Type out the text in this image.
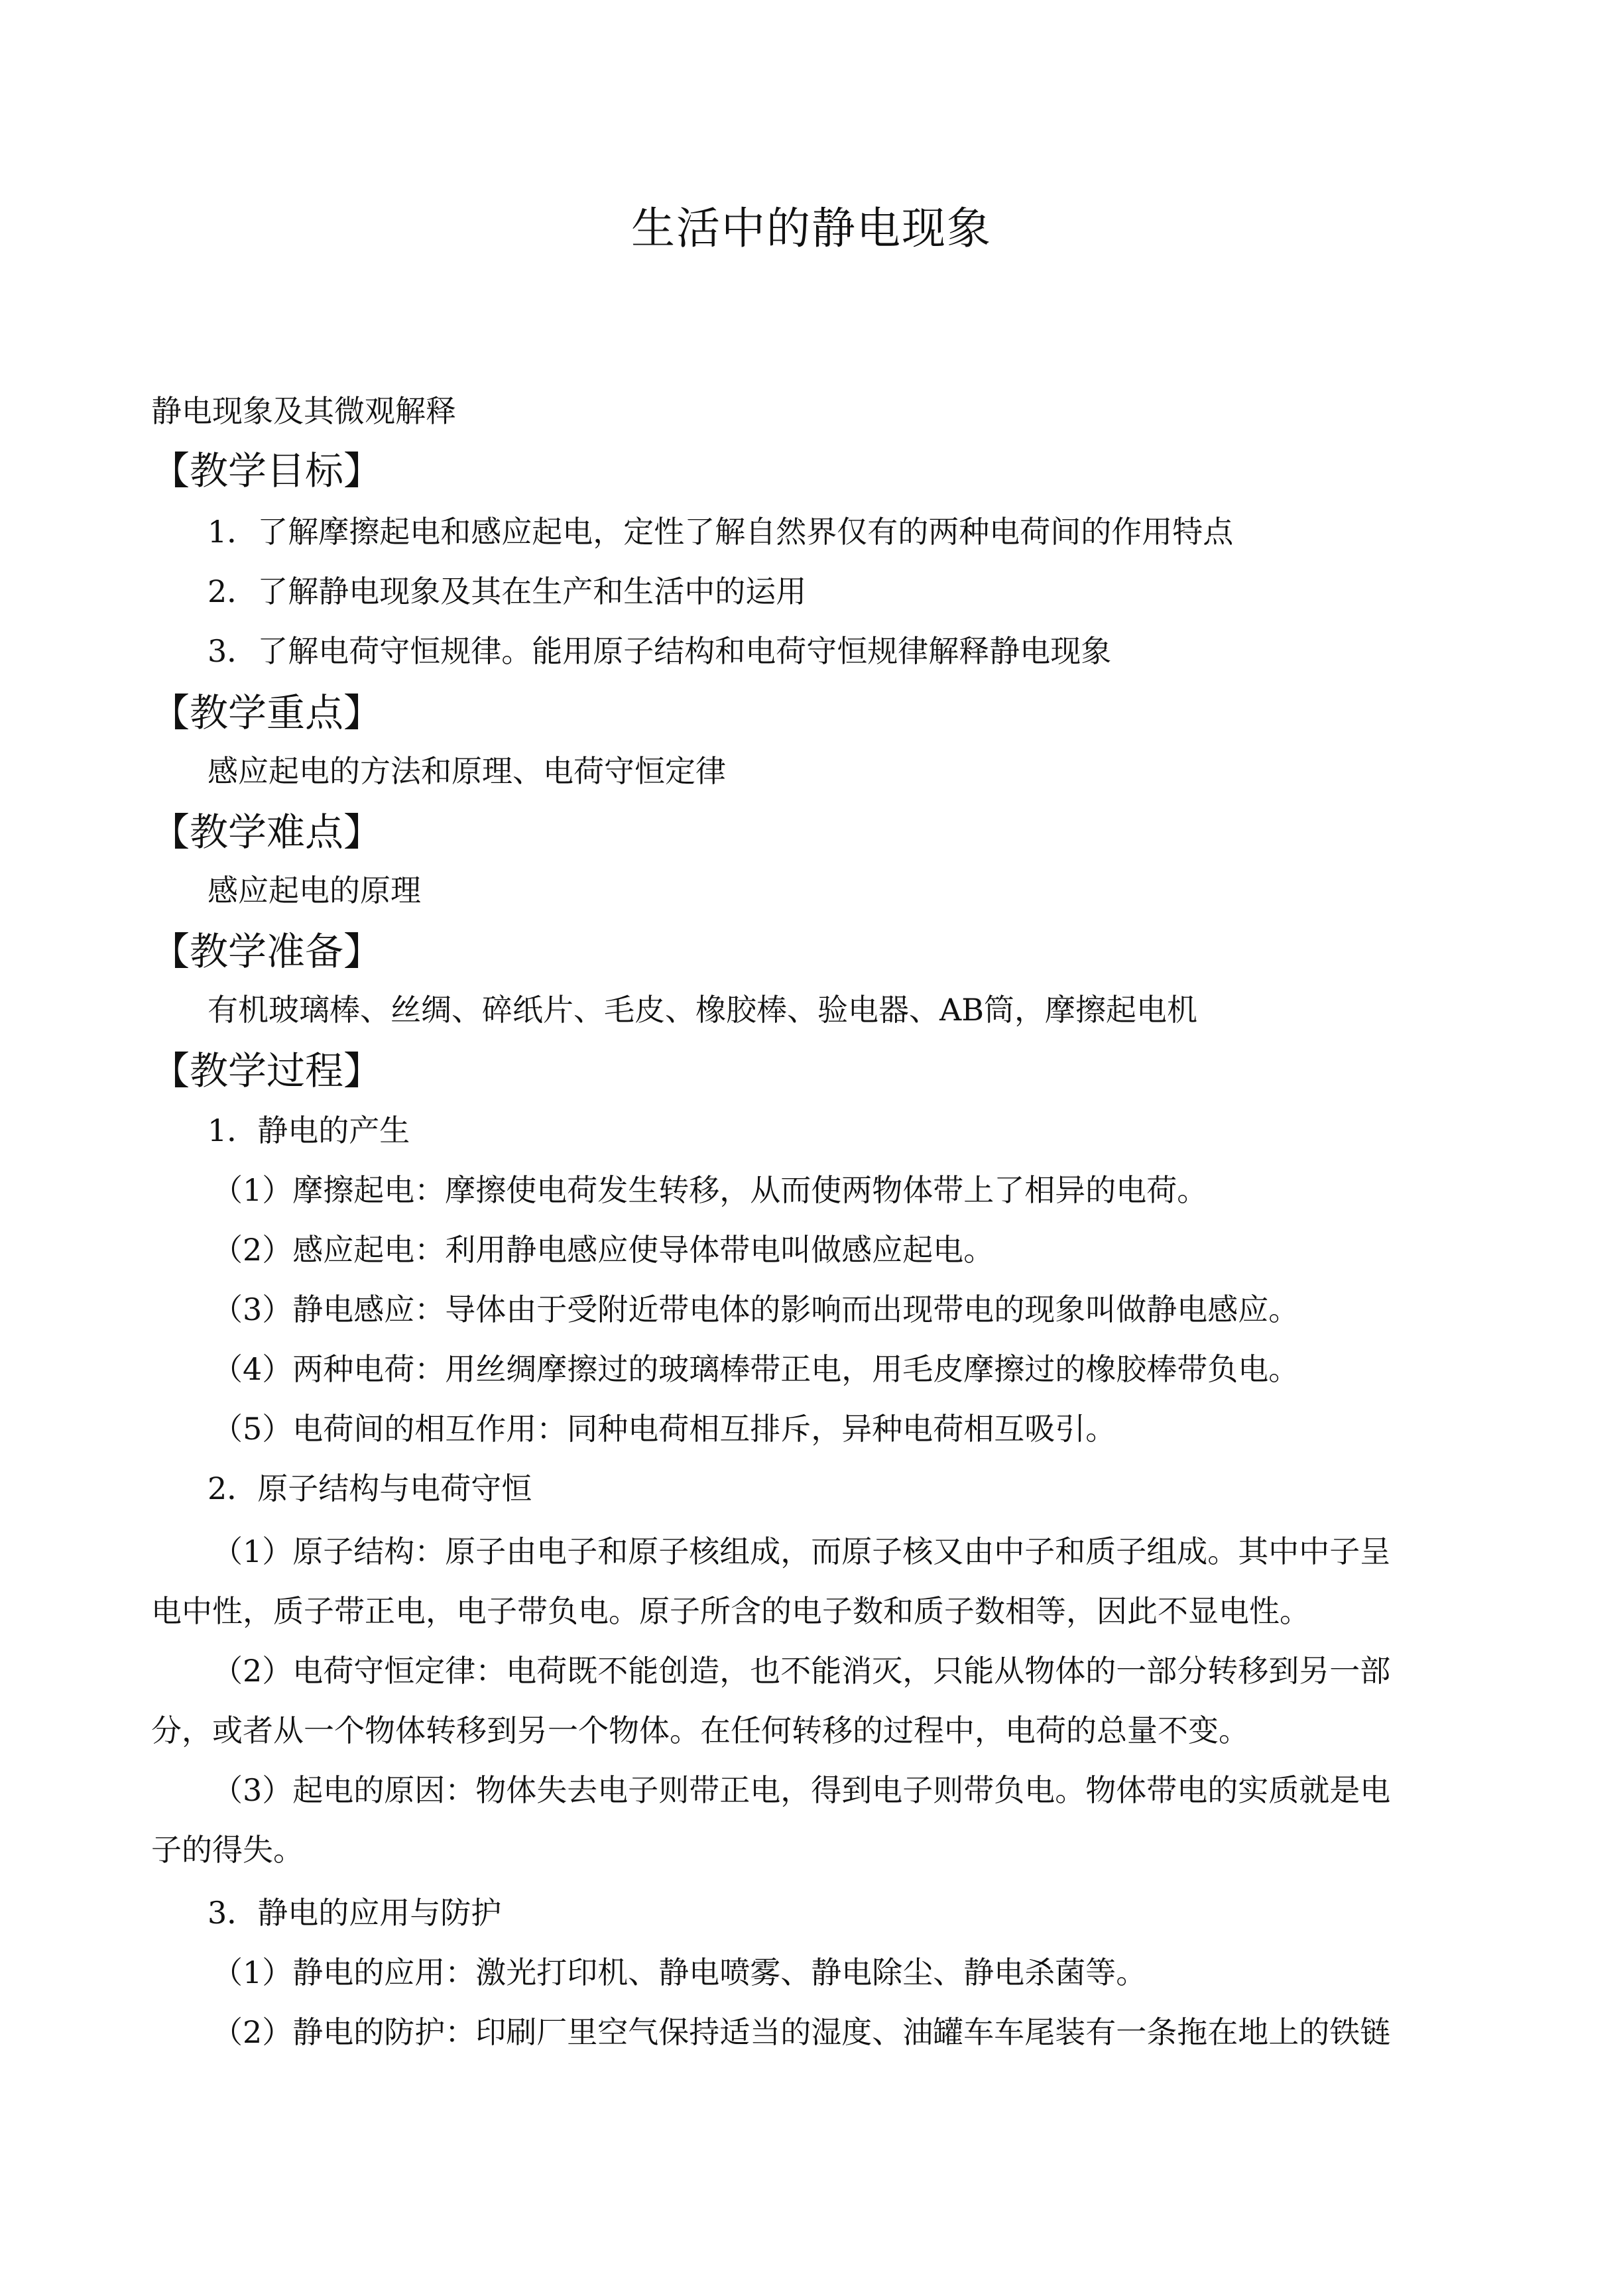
生活中的静电现象
静电现象及其微观解释
【教学目标】
1．了解摩擦起电和感应起电，定性了解自然界仅有的两种电荷间的作用特点
2．了解静电现象及其在生产和生活中的运用
3．了解电荷守恒规律。能用原子结构和电荷守恒规律解释静电现象
【教学重点】
感应起电的方法和原理、电荷守恒定律
【教学难点】
感应起电的原理
【教学准备】
有机玻璃棒、丝绸、碎纸片、毛皮、橡胶棒、验电器、AB筒，摩擦起电机
【教学过程】
1．静电的产生
（1）摩擦起电：摩擦使电荷发生转移，从而使两物体带上了相异的电荷。
（2）感应起电：利用静电感应使导体带电叫做感应起电。
（3）静电感应：导体由于受附近带电体的影响而出现带电的现象叫做静电感应。
（4）两种电荷：用丝绸摩擦过的玻璃棒带正电，用毛皮摩擦过的橡胶棒带负电。
（5）电荷间的相互作用：同种电荷相互排斥，异种电荷相互吸引。
2．原子结构与电荷守恒
（1）原子结构：原子由电子和原子核组成，而原子核又由中子和质子组成。其中中子呈
电中性，质子带正电，电子带负电。原子所含的电子数和质子数相等，因此不显电性。
（2）电荷守恒定律：电荷既不能创造，也不能消灭，只能从物体的一部分转移到另一部
分，或者从一个物体转移到另一个物体。在任何转移的过程中，电荷的总量不变。
（3）起电的原因：物体失去电子则带正电，得到电子则带负电。物体带电的实质就是电
子的得失。
3．静电的应用与防护
（1）静电的应用：激光打印机、静电喷雾、静电除尘、静电杀菌等。
（2）静电的防护：印刷厂里空气保持适当的湿度、油罐车车尾装有一条拖在地上的铁链
